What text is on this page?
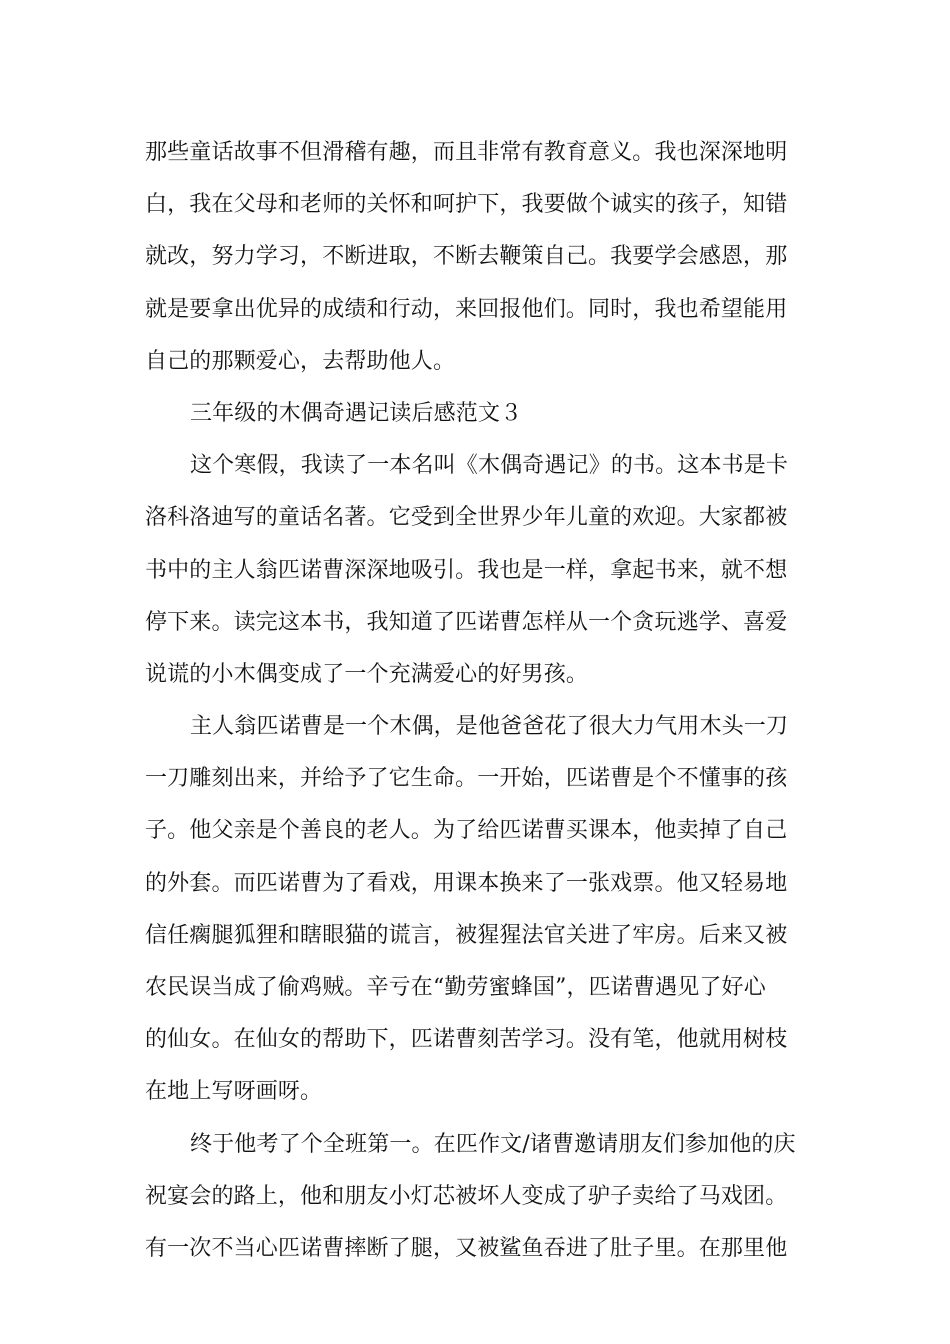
那些童话故事不但滑稽有趣，而且非常有教育意义。我也深深地明
白，我在父母和老师的关怀和呵护下，我要做个诚实的孩子，知错
就改，努力学习，不断进取，不断去鞭策自己。我要学会感恩，那
就是要拿出优异的成绩和行动，来回报他们。同时，我也希望能用
自己的那颗爱心，去帮助他人。
三年级的木偶奇遇记读后感范文３
这个寒假，我读了一本名叫《木偶奇遇记》的书。这本书是卡
洛科洛迪写的童话名著。它受到全世界少年儿童的欢迎。大家都被
书中的主人翁匹诺曹深深地吸引。我也是一样，拿起书来，就不想
停下来。读完这本书，我知道了匹诺曹怎样从一个贪玩逃学、喜爱
说谎的小木偶变成了一个充满爱心的好男孩。
主人翁匹诺曹是一个木偶，是他爸爸花了很大力气用木头一刀
一刀雕刻出来，并给予了它生命。一开始，匹诺曹是个不懂事的孩
子。他父亲是个善良的老人。为了给匹诺曹买课本，他卖掉了自己
的外套。而匹诺曹为了看戏，用课本换来了一张戏票。他又轻易地
信任瘸腿狐狸和瞎眼猫的谎言，被猩猩法官关进了牢房。后来又被
农民误当成了偷鸡贼。辛亏在“勤劳蜜蜂国”，匹诺曹遇见了好心
的仙女。在仙女的帮助下，匹诺曹刻苦学习。没有笔，他就用树枝
在地上写呀画呀。
终于他考了个全班第一。在匹作文/诸曹邀请朋友们参加他的庆
祝宴会的路上，他和朋友小灯芯被坏人变成了驴子卖给了马戏团。
有一次不当心匹诺曹摔断了腿，又被鲨鱼吞进了肚子里。在那里他
